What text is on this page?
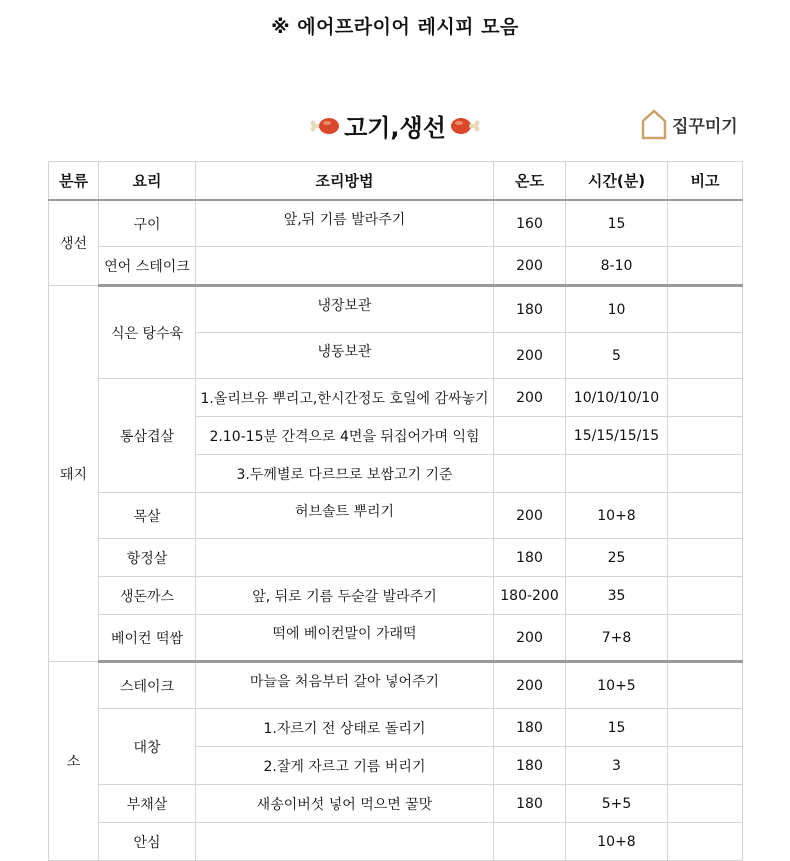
※ 에어프라이어 레시피 모음
고기,생선	집꾸미기
분류	요리	조리방법	온도	시간(분)	비고
생선	구이	앞,뒤 기름 발라주기	160	15	
	연어 스테이크		200	8-10	
돼지	식은 탕수육	냉장보관	180	10	
		냉동보관	200	5	
	통삼겹살	1.올리브유 뿌리고,한시간정도 호일에 감싸놓기	200	10/10/10/10	
		2.10-15분 간격으로 4면을 뒤집어가며 익힘		15/15/15/15	
		3.두께별로 다르므로 보쌈고기 기준			
	목살	허브솔트 뿌리기	200	10+8	
	항정살		180	25	
	생돈까스	앞, 뒤로 기름 두숟갈 발라주기	180-200	35	
	베이컨 떡쌈	떡에 베이컨말이 가래떡	200	7+8	
소	스테이크	마늘을 처음부터 갈아 넣어주기	200	10+5	
	대창	1.자르기 전 상태로 돌리기	180	15	
		2.잘게 자르고 기름 버리기	180	3	
	부채살	새송이버섯 넣어 먹으면 꿀맛	180	5+5	
	안심			10+8	
